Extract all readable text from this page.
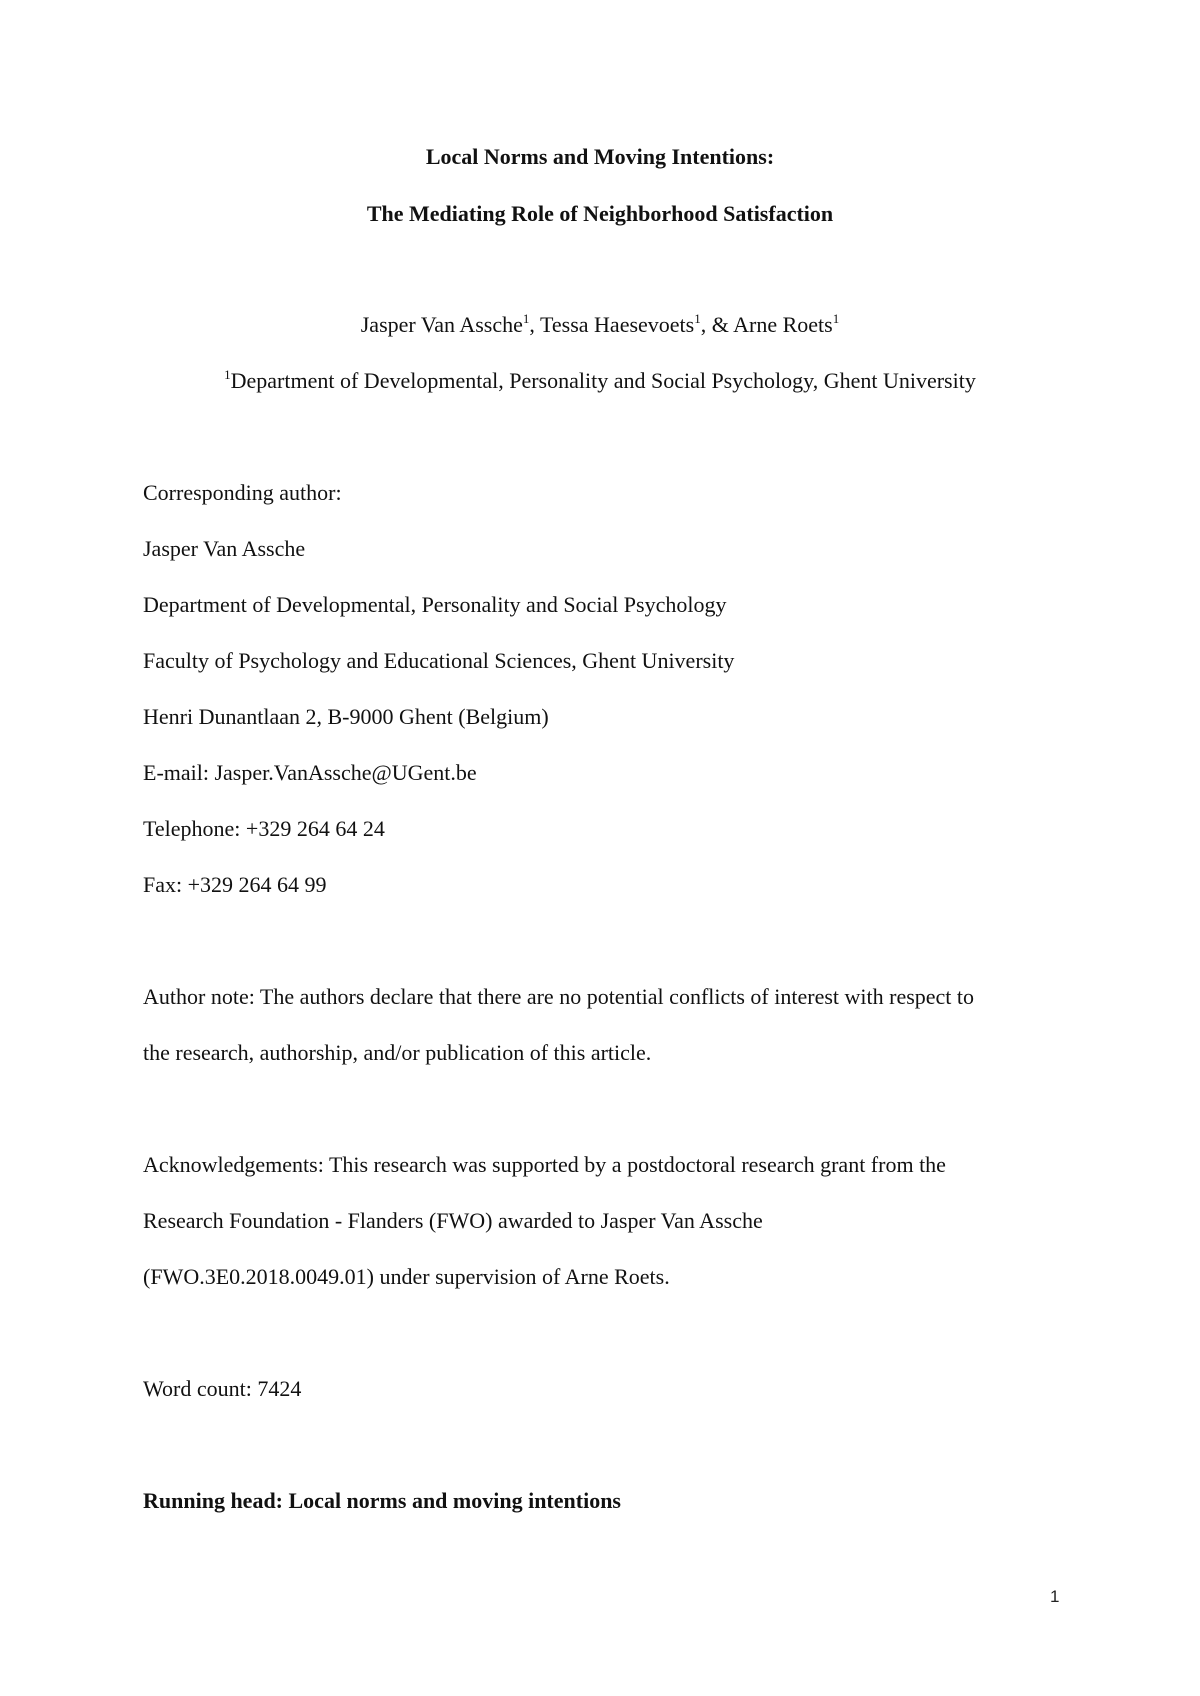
Local Norms and Moving Intentions:
The Mediating Role of Neighborhood Satisfaction
Jasper Van Assche$^1$, Tessa Haesevoets$^1$, & Arne Roets$^1$
$^1$Department of Developmental, Personality and Social Psychology, Ghent University
Corresponding author:
Jasper Van Assche
Department of Developmental, Personality and Social Psychology
Faculty of Psychology and Educational Sciences, Ghent University
Henri Dunantlaan 2, B-9000 Ghent (Belgium)
E-mail: Jasper.VanAssche@UGent.be
Telephone: +329 264 64 24
Fax: +329 264 64 99
Author note: The authors declare that there are no potential conflicts of interest with respect to
the research, authorship, and/or publication of this article.
Acknowledgements: This research was supported by a postdoctoral research grant from the
Research Foundation - Flanders (FWO) awarded to Jasper Van Assche
(FWO.3E0.2018.0049.01) under supervision of Arne Roets.
Word count: 7424
Running head: Local norms and moving intentions
1
